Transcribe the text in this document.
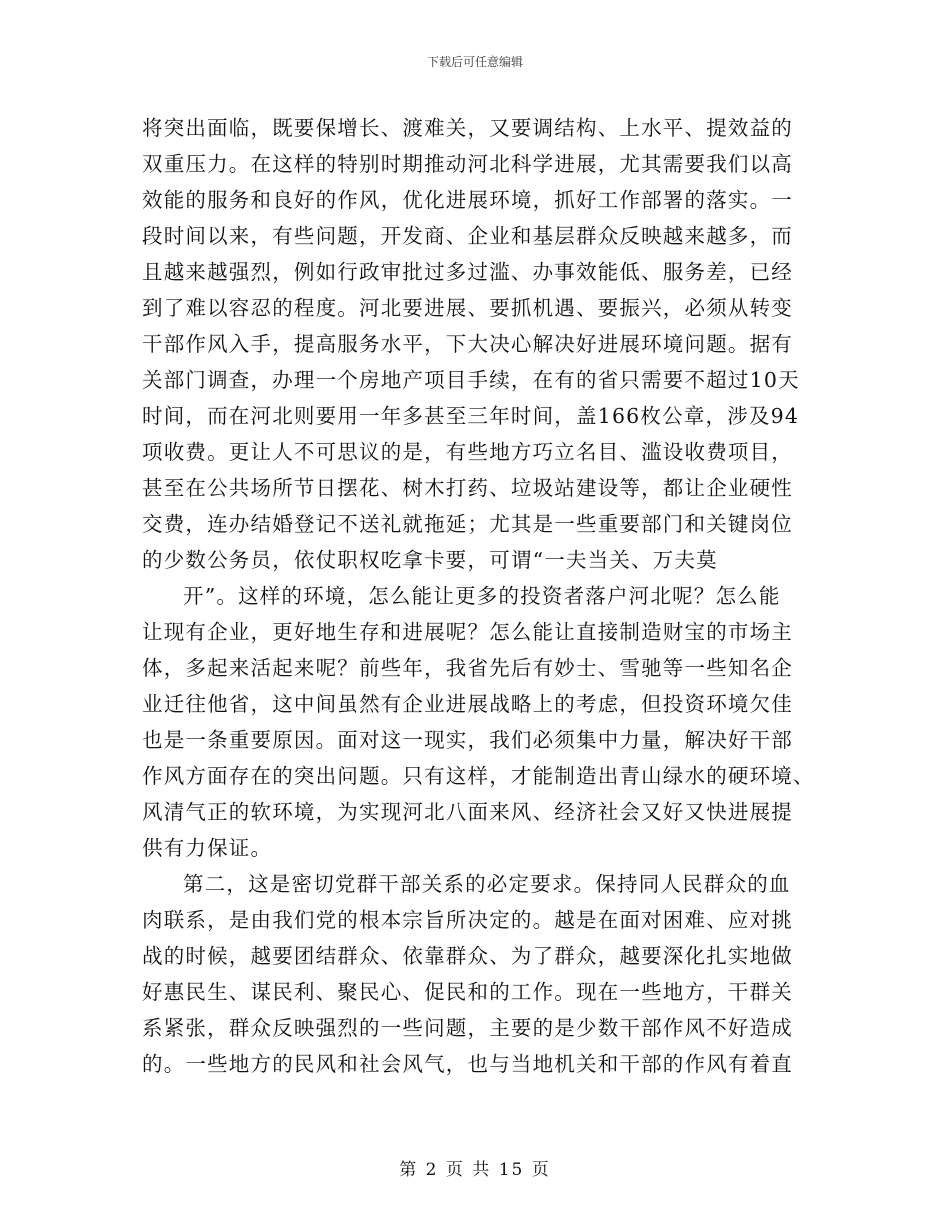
下载后可任意编辑
将突出面临，既要保增长、渡难关，又要调结构、上水平、提效益的
双重压力。在这样的特别时期推动河北科学进展，尤其需要我们以高
效能的服务和良好的作风，优化进展环境，抓好工作部署的落实。一
段时间以来，有些问题，开发商、企业和基层群众反映越来越多，而
且越来越强烈，例如行政审批过多过滥、办事效能低、服务差，已经
到了难以容忍的程度。河北要进展、要抓机遇、要振兴，必须从转变
干部作风入手，提高服务水平，下大决心解决好进展环境问题。据有
关部门调查，办理一个房地产项目手续，在有的省只需要不超过10天
时间，而在河北则要用一年多甚至三年时间，盖166枚公章，涉及94
项收费。更让人不可思议的是，有些地方巧立名目、滥设收费项目，
甚至在公共场所节日摆花、树木打药、垃圾站建设等，都让企业硬性
交费，连办结婚登记不送礼就拖延；尤其是一些重要部门和关键岗位
的少数公务员，依仗职权吃拿卡要，可谓“一夫当关、万夫莫
开”。这样的环境，怎么能让更多的投资者落户河北呢？怎么能
让现有企业，更好地生存和进展呢？怎么能让直接制造财宝的市场主
体，多起来活起来呢？前些年，我省先后有妙士、雪驰等一些知名企
业迁往他省，这中间虽然有企业进展战略上的考虑，但投资环境欠佳
也是一条重要原因。面对这一现实，我们必须集中力量，解决好干部
作风方面存在的突出问题。只有这样，才能制造出青山绿水的硬环境、
风清气正的软环境，为实现河北八面来风、经济社会又好又快进展提
供有力保证。
第二，这是密切党群干部关系的必定要求。保持同人民群众的血
肉联系，是由我们党的根本宗旨所决定的。越是在面对困难、应对挑
战的时候，越要团结群众、依靠群众、为了群众，越要深化扎实地做
好惠民生、谋民利、聚民心、促民和的工作。现在一些地方，干群关
系紧张，群众反映强烈的一些问题，主要的是少数干部作风不好造成
的。一些地方的民风和社会风气，也与当地机关和干部的作风有着直
第 2 页 共 15 页
